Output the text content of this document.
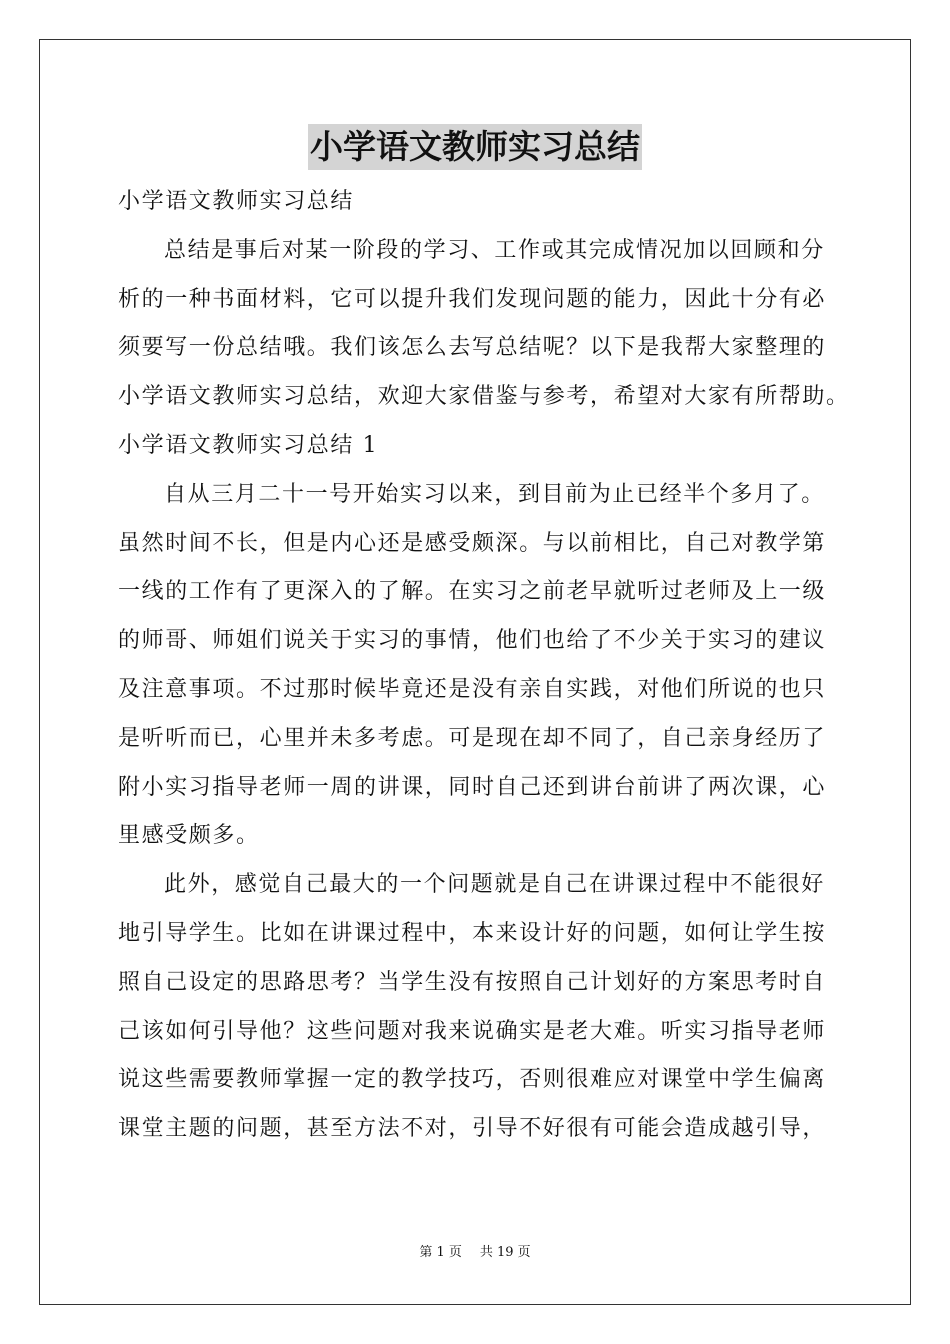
小学语文教师实习总结
小学语文教师实习总结
总结是事后对某一阶段的学习、工作或其完成情况加以回顾和分
析的一种书面材料，它可以提升我们发现问题的能力，因此十分有必
须要写一份总结哦。我们该怎么去写总结呢？以下是我帮大家整理的
小学语文教师实习总结，欢迎大家借鉴与参考，希望对大家有所帮助。
小学语文教师实习总结 1
自从三月二十一号开始实习以来，到目前为止已经半个多月了。
虽然时间不长，但是内心还是感受颇深。与以前相比，自己对教学第
一线的工作有了更深入的了解。在实习之前老早就听过老师及上一级
的师哥、师姐们说关于实习的事情，他们也给了不少关于实习的建议
及注意事项。不过那时候毕竟还是没有亲自实践，对他们所说的也只
是听听而已，心里并未多考虑。可是现在却不同了，自己亲身经历了
附小实习指导老师一周的讲课，同时自己还到讲台前讲了两次课，心
里感受颇多。
此外，感觉自己最大的一个问题就是自己在讲课过程中不能很好
地引导学生。比如在讲课过程中，本来设计好的问题，如何让学生按
照自己设定的思路思考？当学生没有按照自己计划好的方案思考时自
己该如何引导他？这些问题对我来说确实是老大难。听实习指导老师
说这些需要教师掌握一定的教学技巧，否则很难应对课堂中学生偏离
课堂主题的问题，甚至方法不对，引导不好很有可能会造成越引导，
第 1 页 共 19 页
